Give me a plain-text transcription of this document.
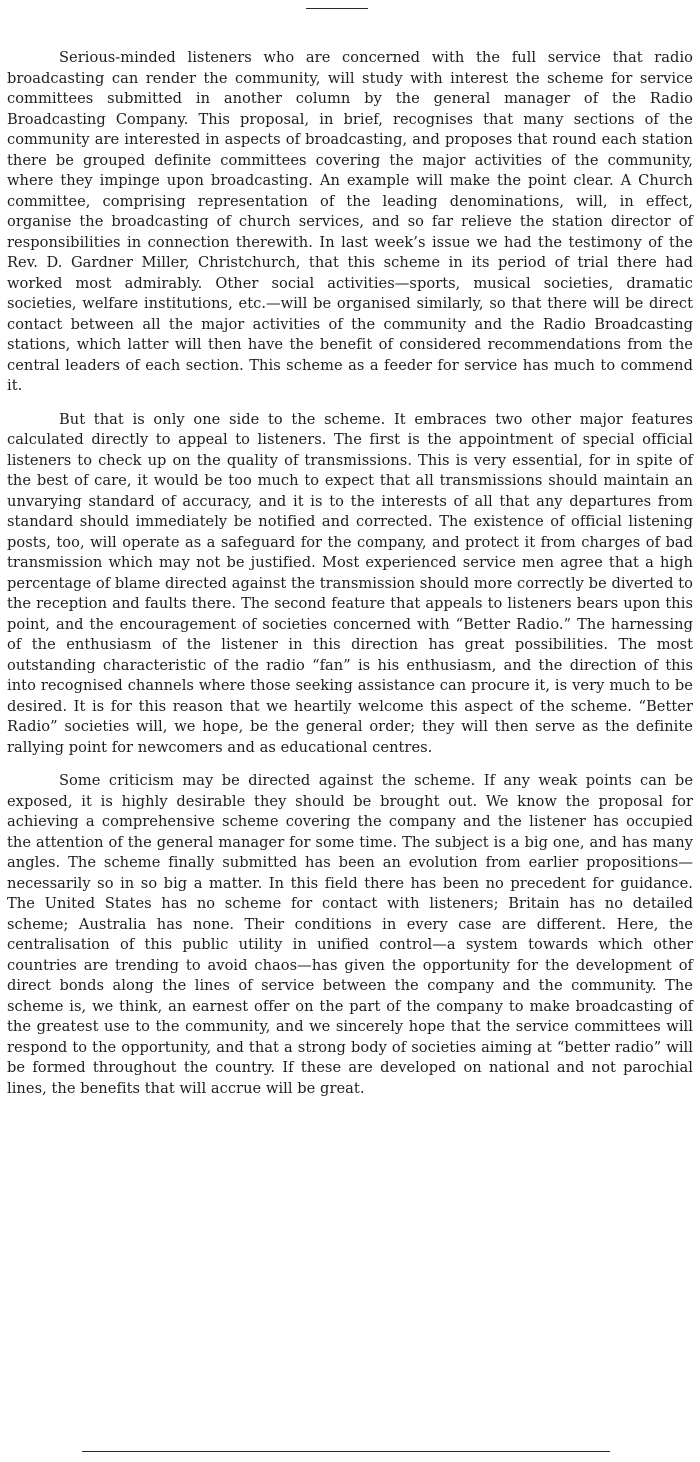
Serious-minded listeners who are concerned with the full service that radio broadcasting can render the community, will study with interest the scheme for service committees submitted in another column by the general manager of the Radio Broadcasting Company. This proposal, in brief, recognises that many sections of the community are interested in aspects of broadcasting, and proposes that round each station there be grouped definite committees covering the major activities of the community, where they impinge upon broadcasting. An example will make the point clear. A Church committee, comprising representation of the leading denominations, will, in effect, organise the broadcasting of church services, and so far relieve the station director of responsibilities in connection therewith. In last week’s issue we had the testimony of the Rev. D. Gardner Miller, Christchurch, that this scheme in its period of trial there had worked most admirably. Other social activities—sports, musical societies, dramatic societies, welfare institutions, etc.—will be organised similarly, so that there will be direct contact between all the major activities of the community and the Radio Broadcasting stations, which latter will then have the benefit of considered recommendations from the central leaders of each section. This scheme as a feeder for service has much to commend it.

But that is only one side to the scheme. It embraces two other major features calculated directly to appeal to listeners. The first is the appointment of special official listeners to check up on the quality of transmissions. This is very essential, for in spite of the best of care, it would be too much to expect that all transmissions should maintain an unvarying standard of accuracy, and it is to the interests of all that any departures from standard should immediately be notified and corrected. The existence of official listening posts, too, will operate as a safeguard for the company, and protect it from charges of bad transmission which may not be justified. Most experienced service men agree that a high percentage of blame directed against the transmission should more correctly be diverted to the reception and faults there. The second feature that appeals to listeners bears upon this point, and the encouragement of societies concerned with “Better Radio.” The harnessing of the enthusiasm of the listener in this direction has great possibilities. The most outstanding characteristic of the radio “fan” is his enthusiasm, and the direction of this into recognised channels where those seeking assistance can procure it, is very much to be desired. It is for this reason that we heartily welcome this aspect of the scheme. “Better Radio” societies will, we hope, be the general order; they will then serve as the definite rallying point for newcomers and as educational centres.

Some criticism may be directed against the scheme. If any weak points can be exposed, it is highly desirable they should be brought out. We know the proposal for achieving a comprehensive scheme covering the company and the listener has occupied the attention of the general manager for some time. The subject is a big one, and has many angles. The scheme finally submitted has been an evolution from earlier propositions—necessarily so in so big a matter. In this field there has been no precedent for guidance. The United States has no scheme for contact with listeners; Britain has no detailed scheme; Australia has none. Their conditions in every case are different. Here, the centralisation of this public utility in unified control—a system towards which other countries are trending to avoid chaos—has given the opportunity for the development of direct bonds along the lines of service between the company and the community. The scheme is, we think, an earnest offer on the part of the company to make broadcasting of the greatest use to the community, and we sincerely hope that the service committees will respond to the opportunity, and that a strong body of societies aiming at “better radio” will be formed throughout the country. If these are developed on national and not parochial lines, the benefits that will accrue will be great.
